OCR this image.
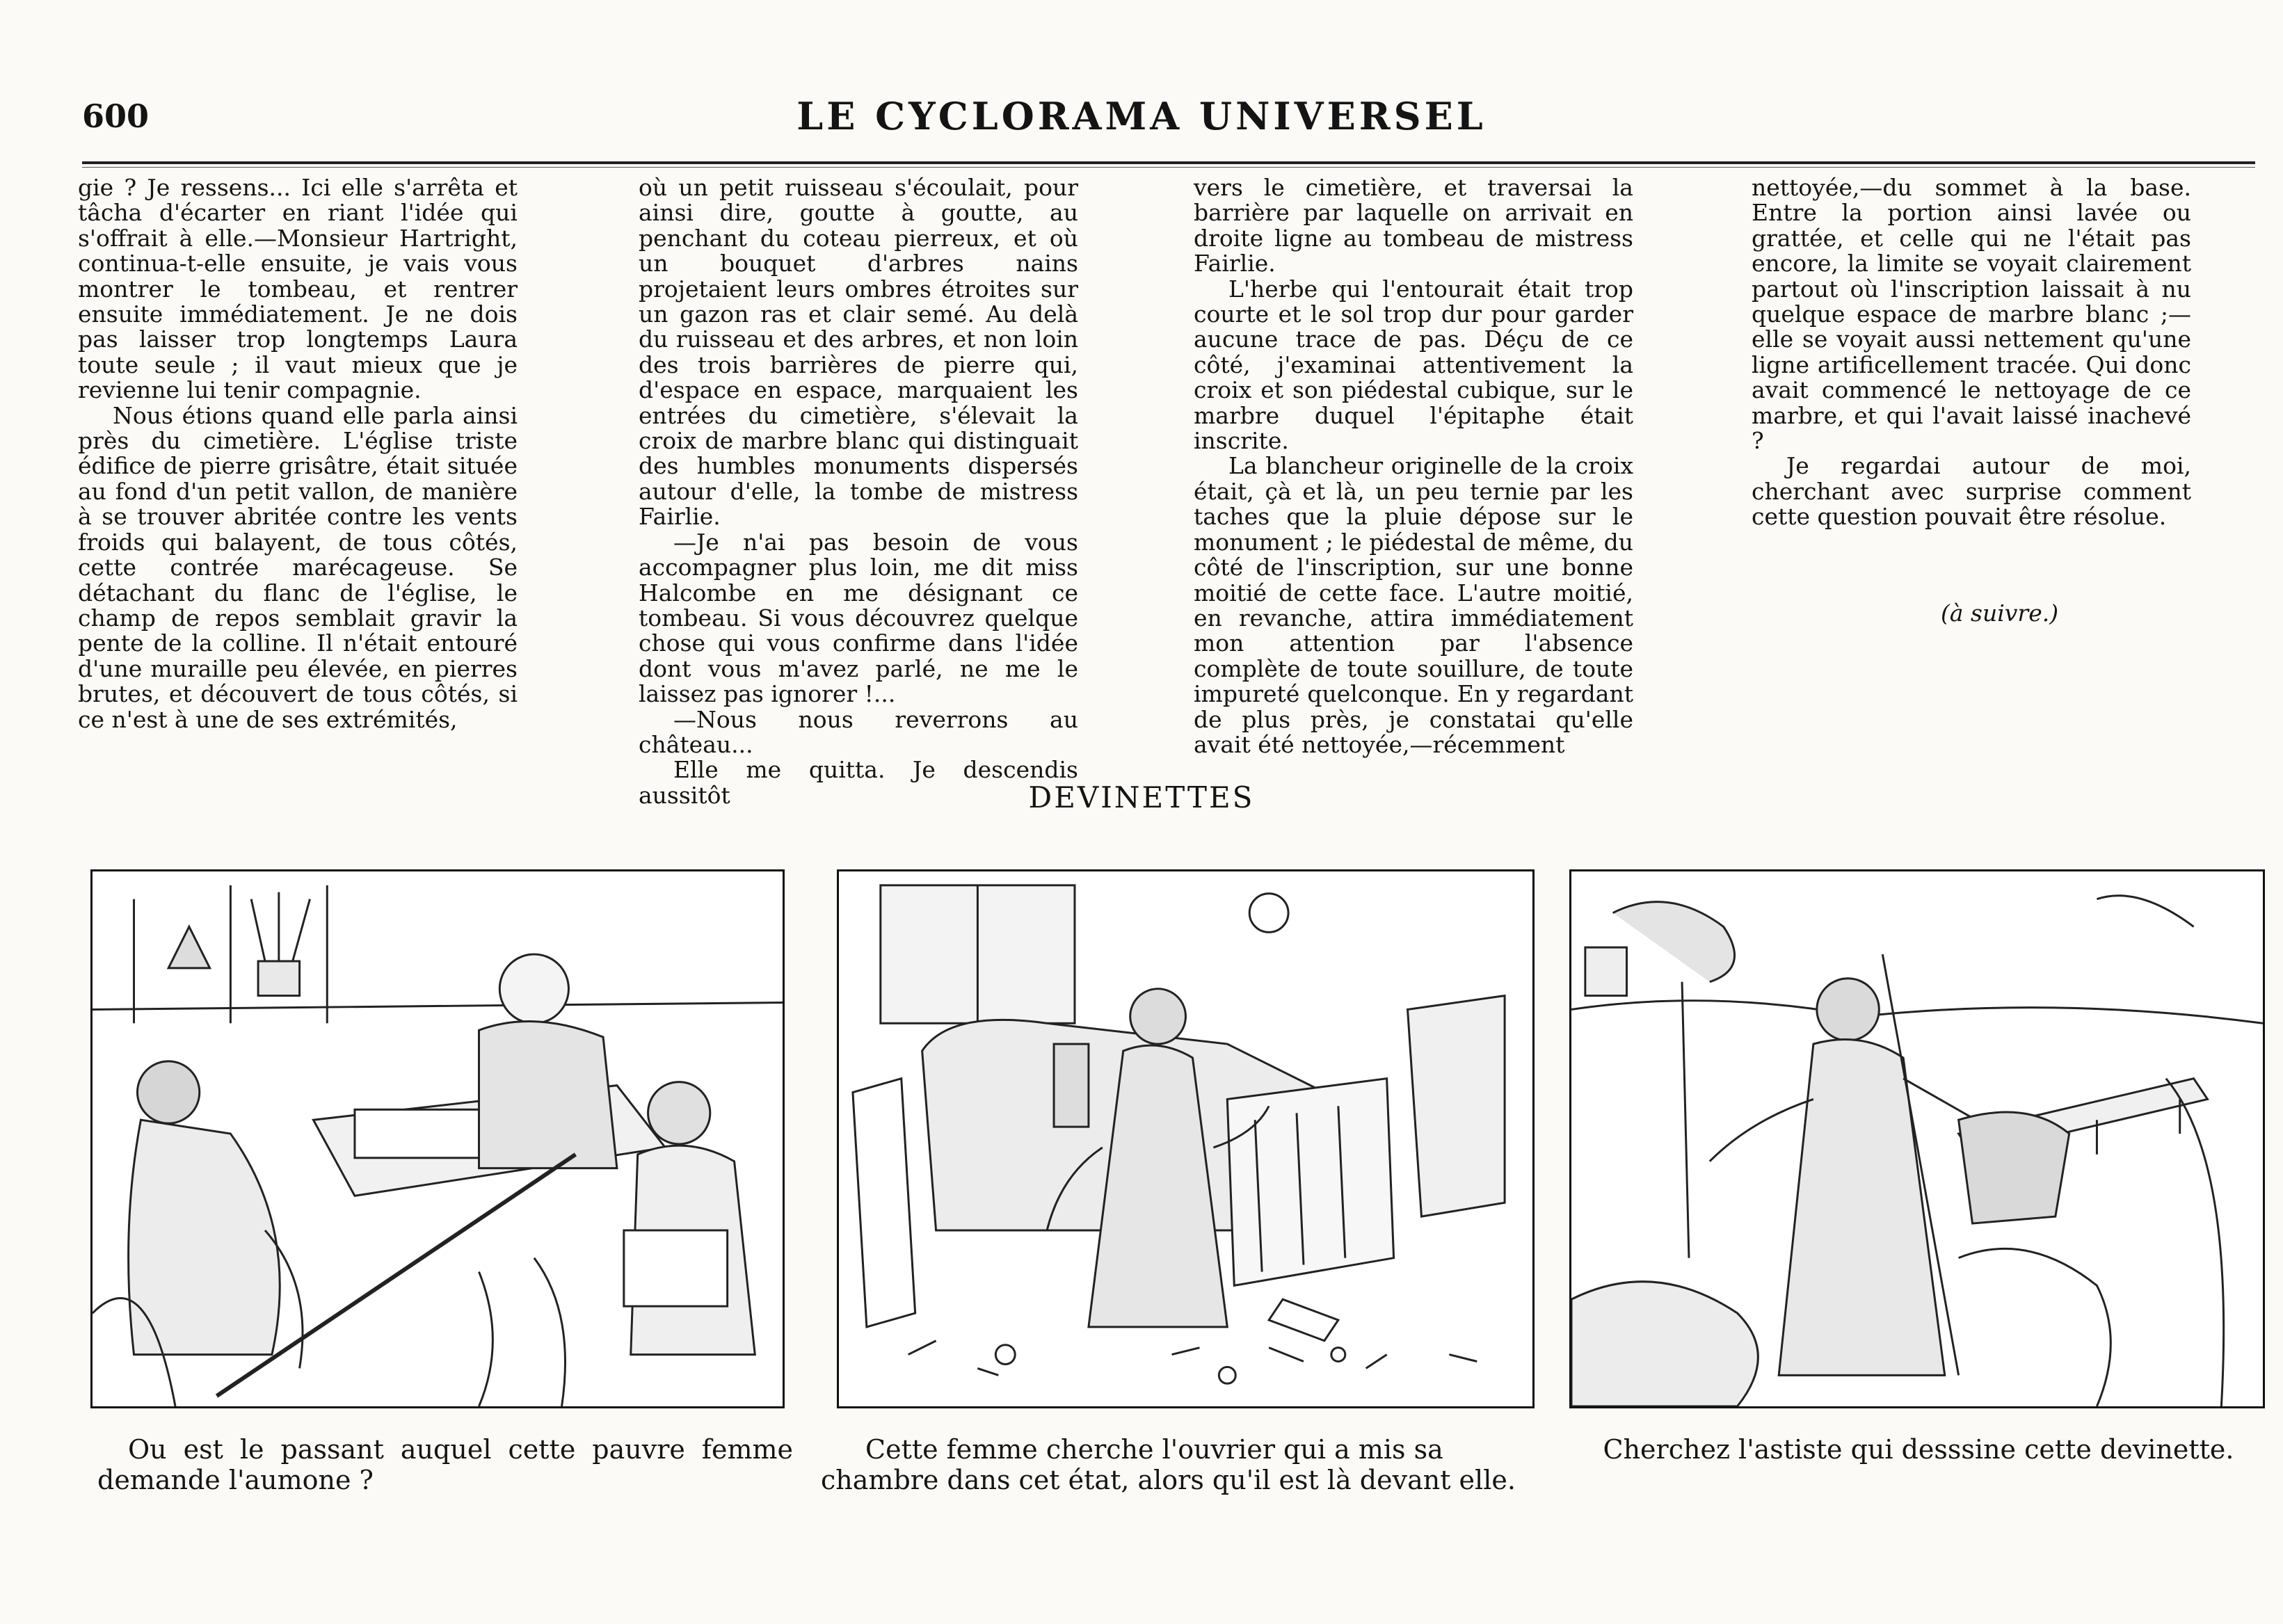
600	LE CYCLORAMA UNIVERSEL

gie ? Je ressens... Ici elle s'arrêta et tâcha d'écarter en riant l'idée qui s'offrait à elle.—Monsieur Hartright, continua-t-elle ensuite, je vais vous montrer le tombeau, et rentrer ensuite immédiatement. Je ne dois pas laisser trop longtemps Laura toute seule ; il vaut mieux que je revienne lui tenir compagnie.

Nous étions quand elle parla ainsi près du cimetière. L'église triste édifice de pierre grisâtre, était située au fond d'un petit vallon, de manière à se trouver abritée contre les vents froids qui balayent, de tous côtés, cette contrée marécageuse. Se détachant du flanc de l'église, le champ de repos semblait gravir la pente de la colline. Il n'était entouré d'une muraille peu élevée, en pierres brutes, et découvert de tous côtés, si ce n'est à une de ses extrémités,

où un petit ruisseau s'écoulait, pour ainsi dire, goutte à goutte, au penchant du coteau pierreux, et où un bouquet d'arbres nains projetaient leurs ombres étroites sur un gazon ras et clair semé. Au delà du ruisseau et des arbres, et non loin des trois barrières de pierre qui, d'espace en espace, marquaient les entrées du cimetière, s'élevait la croix de marbre blanc qui distinguait des humbles monuments dispersés autour d'elle, la tombe de mistress Fairlie.

—Je n'ai pas besoin de vous accompagner plus loin, me dit miss Halcombe en me désignant ce tombeau. Si vous découvrez quelque chose qui vous confirme dans l'idée dont vous m'avez parlé, ne me le laissez pas ignorer !...

—Nous nous reverrons au château...

Elle me quitta. Je descendis aussitôt

vers le cimetière, et traversai la barrière par laquelle on arrivait en droite ligne au tombeau de mistress Fairlie.

L'herbe qui l'entourait était trop courte et le sol trop dur pour garder aucune trace de pas. Déçu de ce côté, j'examinai attentivement la croix et son piédestal cubique, sur le marbre duquel l'épitaphe était inscrite.

La blancheur originelle de la croix était, çà et là, un peu ternie par les taches que la pluie dépose sur le monument ; le piédestal de même, du côté de l'inscription, sur une bonne moitié de cette face. L'autre moitié, en revanche, attira immédiatement mon attention par l'absence complète de toute souillure, de toute impureté quelconque. En y regardant de plus près, je constatai qu'elle avait été nettoyée,—récemment

nettoyée,—du sommet à la base. Entre la portion ainsi lavée ou grattée, et celle qui ne l'était pas encore, la limite se voyait clairement partout où l'inscription laissait à nu quelque espace de marbre blanc ;—elle se voyait aussi nettement qu'une ligne artificellement tracée. Qui donc avait commencé le nettoyage de ce marbre, et qui l'avait laissé inachevé ?

Je regardai autour de moi, cherchant avec surprise comment cette question pouvait être résolue.

(à suivre.)
DEVINETTES
Ou est le passant auquel cette pauvre femme demande l'aumone ?
Cette femme cherche l'ouvrier qui a mis sa chambre dans cet état, alors qu'il est là devant elle.
Cherchez l'astiste qui desssine cette devinette.
